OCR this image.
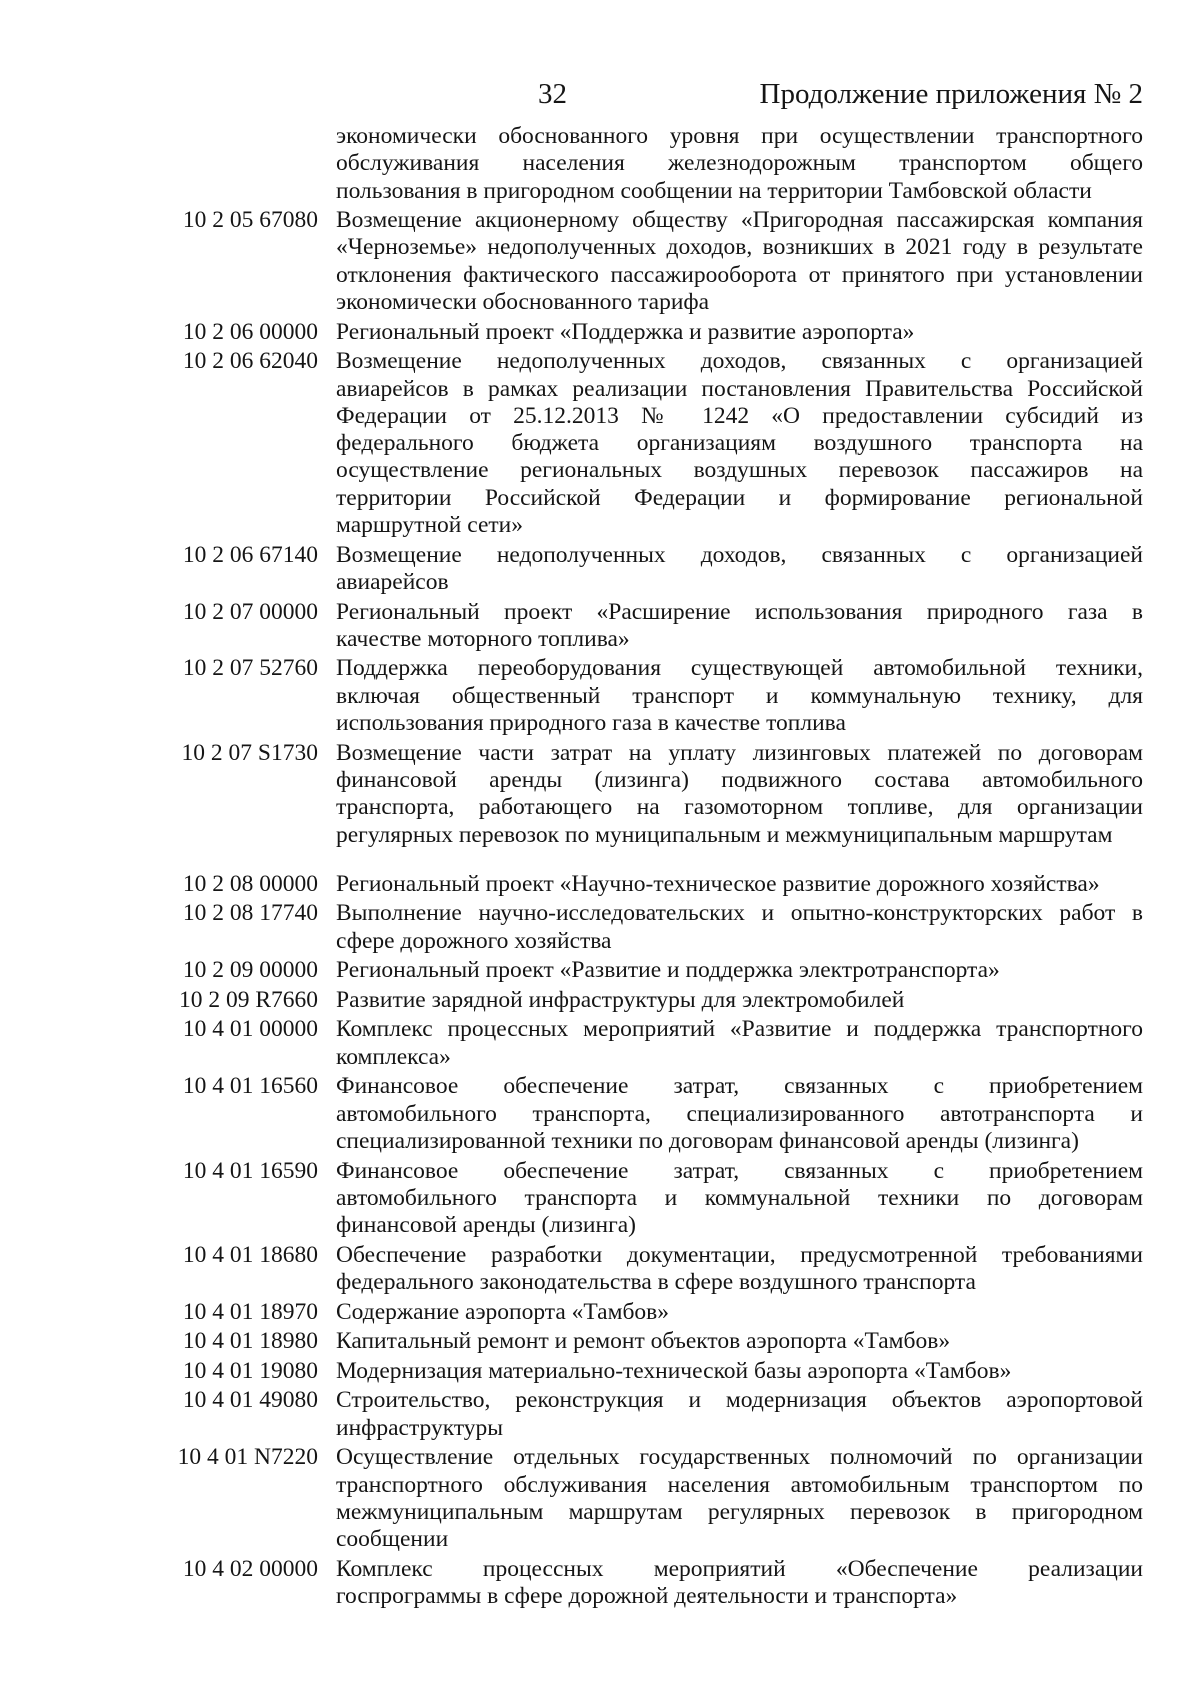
32	Продолжение приложения № 2
экономически обоснованного уровня при осуществлении транспортного
обслуживания населения железнодорожным транспортом общего
пользования в пригородном сообщении на территории Тамбовской области
10 2 05 67080 Возмещение акционерному обществу «Пригородная пассажирская компания
«Черноземье» недополученных доходов, возникших в 2021 году в результате
отклонения фактического пассажирооборота от принятого при установлении
экономически обоснованного тарифа
10 2 06 00000 Региональный проект «Поддержка и развитие аэропорта»
10 2 06 62040 Возмещение недополученных доходов, связанных с организацией
авиарейсов в рамках реализации постановления Правительства Российской
Федерации от 25.12.2013 № 1242 «О предоставлении субсидий из
федерального бюджета организациям воздушного транспорта на
осуществление региональных воздушных перевозок пассажиров на
территории Российской Федерации и формирование региональной
маршрутной сети»
10 2 06 67140 Возмещение недополученных доходов, связанных с организацией
авиарейсов
10 2 07 00000 Региональный проект «Расширение использования природного газа в
качестве моторного топлива»
10 2 07 52760 Поддержка переоборудования существующей автомобильной техники,
включая общественный транспорт и коммунальную технику, для
использования природного газа в качестве топлива
10 2 07 S1730 Возмещение части затрат на уплату лизинговых платежей по договорам
финансовой аренды (лизинга) подвижного состава автомобильного
транспорта, работающего на газомоторном топливе, для организации
регулярных перевозок по муниципальным и межмуниципальным маршрутам
10 2 08 00000 Региональный проект «Научно-техническое развитие дорожного хозяйства»
10 2 08 17740 Выполнение научно-исследовательских и опытно-конструкторских работ в
сфере дорожного хозяйства
10 2 09 00000 Региональный проект «Развитие и поддержка электротранспорта»
10 2 09 R7660 Развитие зарядной инфраструктуры для электромобилей
10 4 01 00000 Комплекс процессных мероприятий «Развитие и поддержка транспортного
комплекса»
10 4 01 16560 Финансовое обеспечение затрат, связанных с приобретением
автомобильного транспорта, специализированного автотранспорта и
специализированной техники по договорам финансовой аренды (лизинга)
10 4 01 16590 Финансовое обеспечение затрат, связанных с приобретением
автомобильного транспорта и коммунальной техники по договорам
финансовой аренды (лизинга)
10 4 01 18680 Обеспечение разработки документации, предусмотренной требованиями
федерального законодательства в сфере воздушного транспорта
10 4 01 18970 Содержание аэропорта «Тамбов»
10 4 01 18980 Капитальный ремонт и ремонт объектов аэропорта «Тамбов»
10 4 01 19080 Модернизация материально-технической базы аэропорта «Тамбов»
10 4 01 49080 Строительство, реконструкция и модернизация объектов аэропортовой
инфраструктуры
10 4 01 N7220 Осуществление отдельных государственных полномочий по организации
транспортного обслуживания населения автомобильным транспортом по
межмуниципальным маршрутам регулярных перевозок в пригородном
сообщении
10 4 02 00000 Комплекс процессных мероприятий «Обеспечение реализации
госпрограммы в сфере дорожной деятельности и транспорта»
